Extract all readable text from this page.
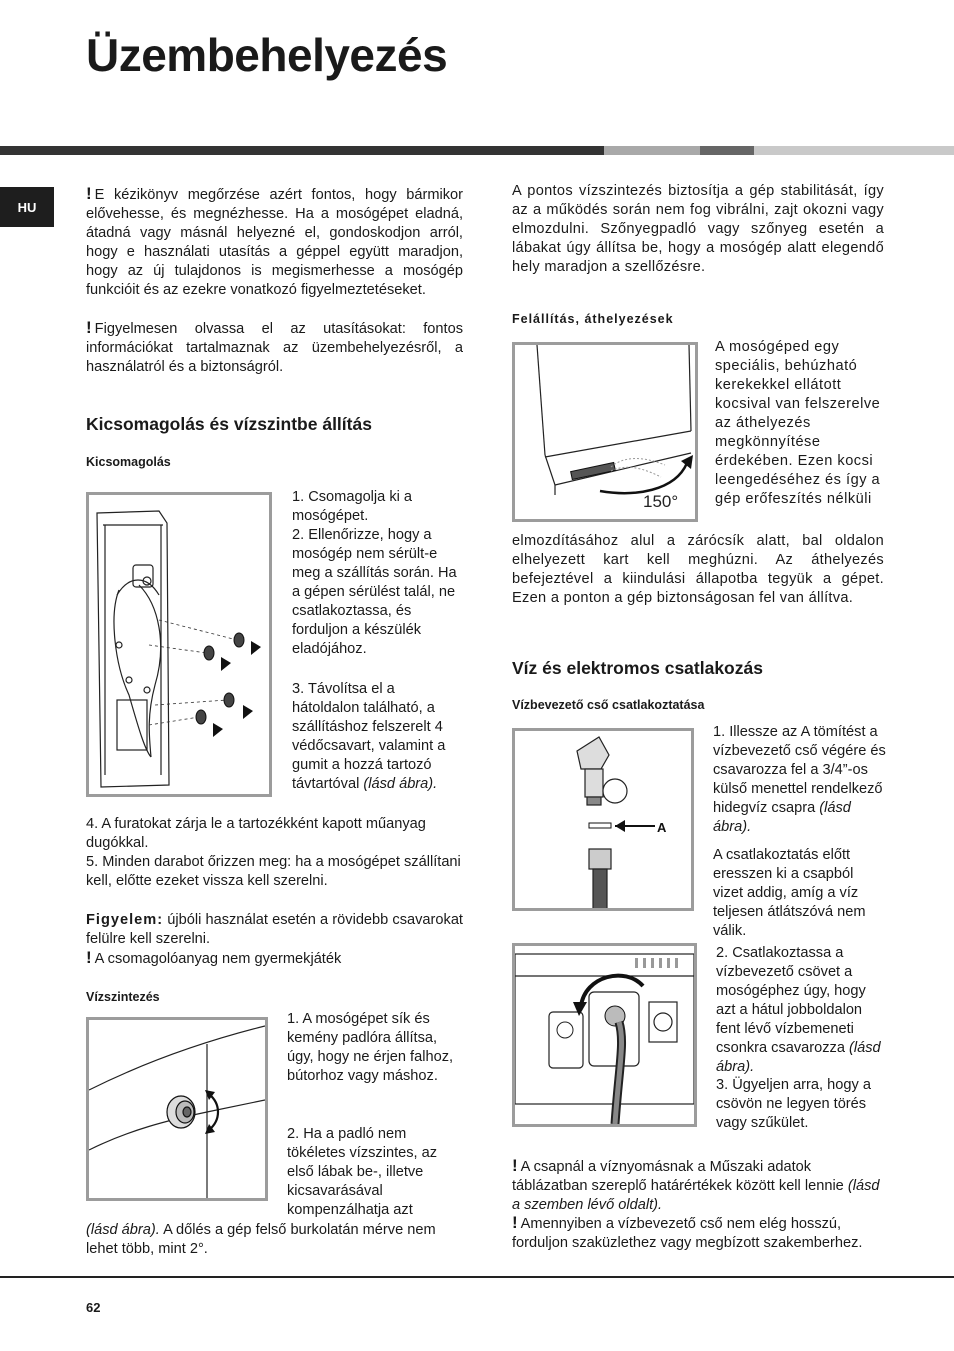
Üzembehelyezés
HU

! E kézikönyv megőrzése azért fontos, hogy bármikor elővehesse, és megnézhesse. Ha a mosógépet eladná, átadná vagy másnál helyezné el, gondoskodjon arról, hogy e használati utasítás a géppel együtt maradjon, hogy az új tulajdonos is megismerhesse a mosógép funkcióit és az ezekre vonatkozó figyelmeztetéseket.

! Figyelmesen olvassa el az utasításokat: fontos információkat tartalmaznak az üzembehelyezésről, a használatról és a biztonságról.

Kicsomagolás és vízszintbe állítás
Kicsomagolás

1. Csomagolja ki a mosógépet.

2. Ellenőrizze, hogy a mosógép nem sérült-e meg a szállítás során. Ha a gépen sérülést talál, ne csatlakoztassa, és forduljon a készülék eladójához.

3. Távolítsa el a hátoldalon található, a szállításhoz felszerelt 4 védőcsavart, valamint a gumit a hozzá tartozó távtartóval (lásd ábra).

4. A furatokat zárja le a tartozékként kapott műanyag dugókkal.

5. Minden darabot őrizzen meg: ha a mosógépet szállítani kell, előtte ezeket vissza kell szerelni.

Figyelem: újbóli használat esetén a rövidebb csavarokat felülre kell szerelni.

! A csomagolóanyag nem gyermekjáték

Vízszintezés

1. A mosógépet sík és kemény padlóra állítsa, úgy, hogy ne érjen falhoz, bútorhoz vagy máshoz.

2. Ha a padló nem tökéletes vízszintes, az első lábak be-, illetve kicsavarásával kompenzálhatja azt

(lásd ábra). A dőlés a gép felső burkolatán mérve nem lehet több, mint 2°.

A pontos vízszintezés biztosítja a gép stabilitását, így az a működés során nem fog vibrálni, zajt okozni vagy elmozdulni. Szőnyegpadló vagy szőnyeg esetén a lábakat úgy állítsa be, hogy a mosógép alatt elegendő hely maradjon a szellőzésre.

Felállítás, áthelyezések
150°

A mosógéped egy speciális, behúzható kerekekkel ellátott kocsival van felszerelve az áthelyezés megkönnyítése érdekében. Ezen kocsi leengedéséhez és így a gép erőfeszítés nélküli

elmozdításához alul a zárócsík alatt, bal oldalon elhelyezett kart kell meghúzni. Az áthelyezés befejeztével a kiindulási állapotba tegyük a gépet. Ezen a ponton a gép biztonságosan fel van állítva.

Víz és elektromos csatlakozás
Vízbevezető cső csatlakoztatása
A

1. Illessze az A tömítést a vízbevezető cső végére és csavarozza fel a 3/4”-os külső menettel rendelkező hidegvíz csapra (lásd ábra).

A csatlakoztatás előtt eresszen ki a csapból vizet addig, amíg a víz teljesen átlátszóvá nem válik.

2. Csatlakoztassa a vízbevezető csövet a mosógéphez úgy, hogy azt a hátul jobboldalon fent lévő vízbemeneti csonkra csavarozza (lásd ábra).

3. Ügyeljen arra, hogy a csövön ne legyen törés vagy szűkület.

! A csapnál a víznyomásnak a Műszaki adatok táblázatban szereplő határértékek között kell lennie (lásd a szemben lévő oldalt).

! Amennyiben a vízbevezető cső nem elég hosszú, forduljon szaküzlethez vagy megbízott szakemberhez.

62
